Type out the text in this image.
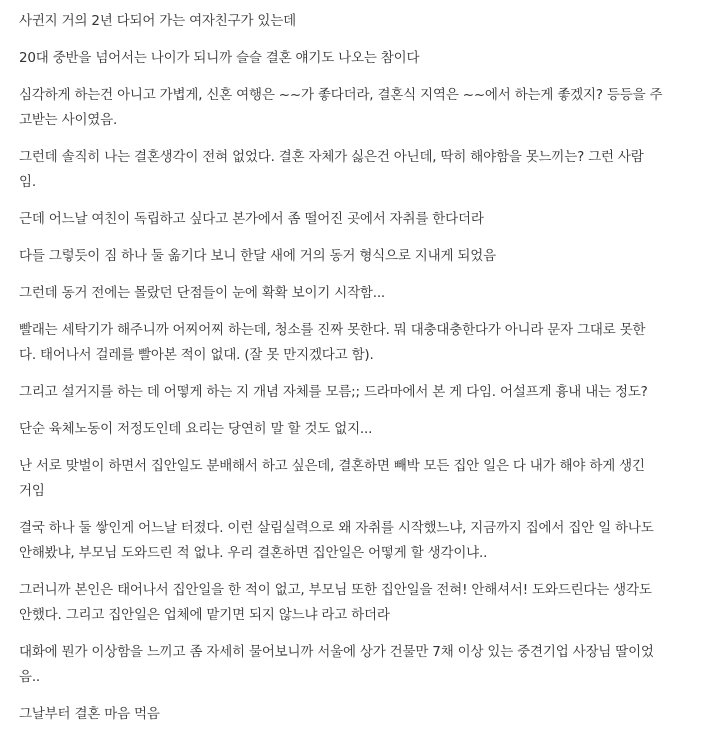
사귄지 거의 2년 다되어 가는 여자친구가 있는데
20대 중반을 넘어서는 나이가 되니까 슬슬 결혼 얘기도 나오는 참이다
심각하게 하는건 아니고 가볍게, 신혼 여행은 ~~가 좋다더라, 결혼식 지역은 ~~에서 하는게 좋겠지? 등등을 주
고받는 사이였음.
그런데 솔직히 나는 결혼생각이 전혀 없었다. 결혼 자체가 싫은건 아닌데, 딱히 해야함을 못느끼는? 그런 사람
임.
근데 어느날 여친이 독립하고 싶다고 본가에서 좀 떨어진 곳에서 자취를 한다더라
다들 그렇듯이 짐 하나 둘 옮기다 보니 한달 새에 거의 동거 형식으로 지내게 되었음
그런데 동거 전에는 몰랐던 단점들이 눈에 확확 보이기 시작함...
빨래는 세탁기가 해주니까 어찌어찌 하는데, 청소를 진짜 못한다. 뭐 대충대충한다가 아니라 문자 그대로 못한
다. 태어나서 걸레를 빨아본 적이 없대. (잘 못 만지겠다고 함).
그리고 설거지를 하는 데 어떻게 하는 지 개념 자체를 모름;; 드라마에서 본 게 다임. 어설프게 흉내 내는 정도?
단순 육체노동이 저정도인데 요리는 당연히 말 할 것도 없지...
난 서로 맞벌이 하면서 집안일도 분배해서 하고 싶은데, 결혼하면 빼박 모든 집안 일은 다 내가 해야 하게 생긴
거임
결국 하나 둘 쌓인게 어느날 터졌다. 이런 살림실력으로 왜 자취를 시작했느냐, 지금까지 집에서 집안 일 하나도
안해봤냐, 부모님 도와드린 적 없냐. 우리 결혼하면 집안일은 어떻게 할 생각이냐..
그러니까 본인은 태어나서 집안일을 한 적이 없고, 부모님 또한 집안일을 전혀! 안해셔서! 도와드린다는 생각도
안했다. 그리고 집안일은 업체에 맡기면 되지 않느냐 라고 하더라
대화에 뭔가 이상함을 느끼고 좀 자세히 물어보니까 서울에 상가 건물만 7채 이상 있는 중견기업 사장님 딸이었
음..
그날부터 결혼 마음 먹음
